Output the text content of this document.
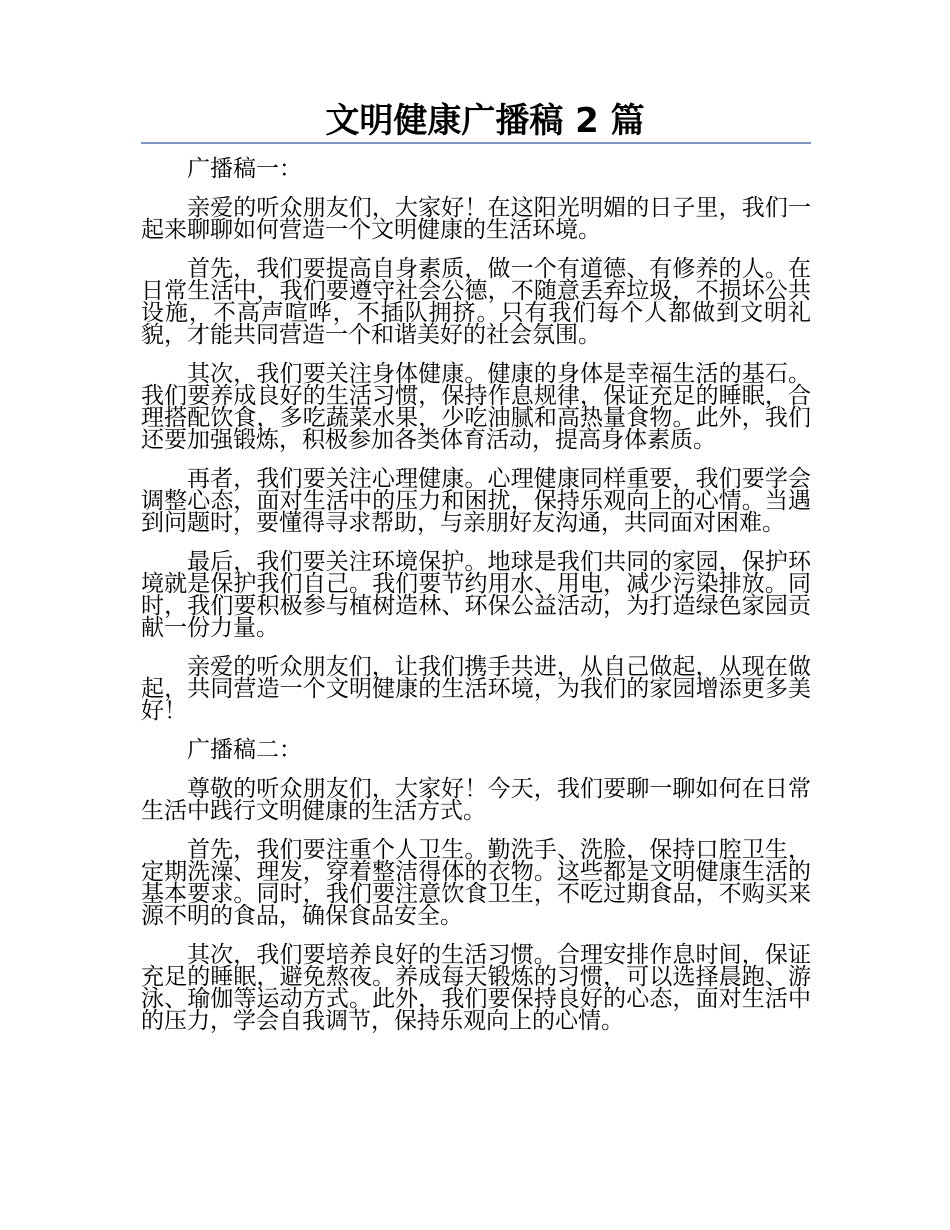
文明健康广播稿 2 篇

广播稿一：

亲爱的听众朋友们，大家好！在这阳光明媚的日子里，我们一起来聊聊如何营造一个文明健康的生活环境。

首先，我们要提高自身素质，做一个有道德、有修养的人。在日常生活中，我们要遵守社会公德，不随意丢弃垃圾，不损坏公共设施，不高声喧哗，不插队拥挤。只有我们每个人都做到文明礼貌，才能共同营造一个和谐美好的社会氛围。

其次，我们要关注身体健康。健康的身体是幸福生活的基石。我们要养成良好的生活习惯，保持作息规律，保证充足的睡眠，合理搭配饮食，多吃蔬菜水果，少吃油腻和高热量食物。此外，我们还要加强锻炼，积极参加各类体育活动，提高身体素质。

再者，我们要关注心理健康。心理健康同样重要，我们要学会调整心态，面对生活中的压力和困扰，保持乐观向上的心情。当遇到问题时，要懂得寻求帮助，与亲朋好友沟通，共同面对困难。

最后，我们要关注环境保护。地球是我们共同的家园，保护环境就是保护我们自己。我们要节约用水、用电，减少污染排放。同时，我们要积极参与植树造林、环保公益活动，为打造绿色家园贡献一份力量。

亲爱的听众朋友们，让我们携手共进，从自己做起，从现在做起，共同营造一个文明健康的生活环境，为我们的家园增添更多美好！

广播稿二：

尊敬的听众朋友们，大家好！今天，我们要聊一聊如何在日常生活中践行文明健康的生活方式。

首先，我们要注重个人卫生。勤洗手、洗脸，保持口腔卫生，定期洗澡、理发，穿着整洁得体的衣物。这些都是文明健康生活的基本要求。同时，我们要注意饮食卫生，不吃过期食品，不购买来源不明的食品，确保食品安全。

其次，我们要培养良好的生活习惯。合理安排作息时间，保证充足的睡眠，避免熬夜。养成每天锻炼的习惯，可以选择晨跑、游泳、瑜伽等运动方式。此外，我们要保持良好的心态，面对生活中的压力，学会自我调节，保持乐观向上的心情。
